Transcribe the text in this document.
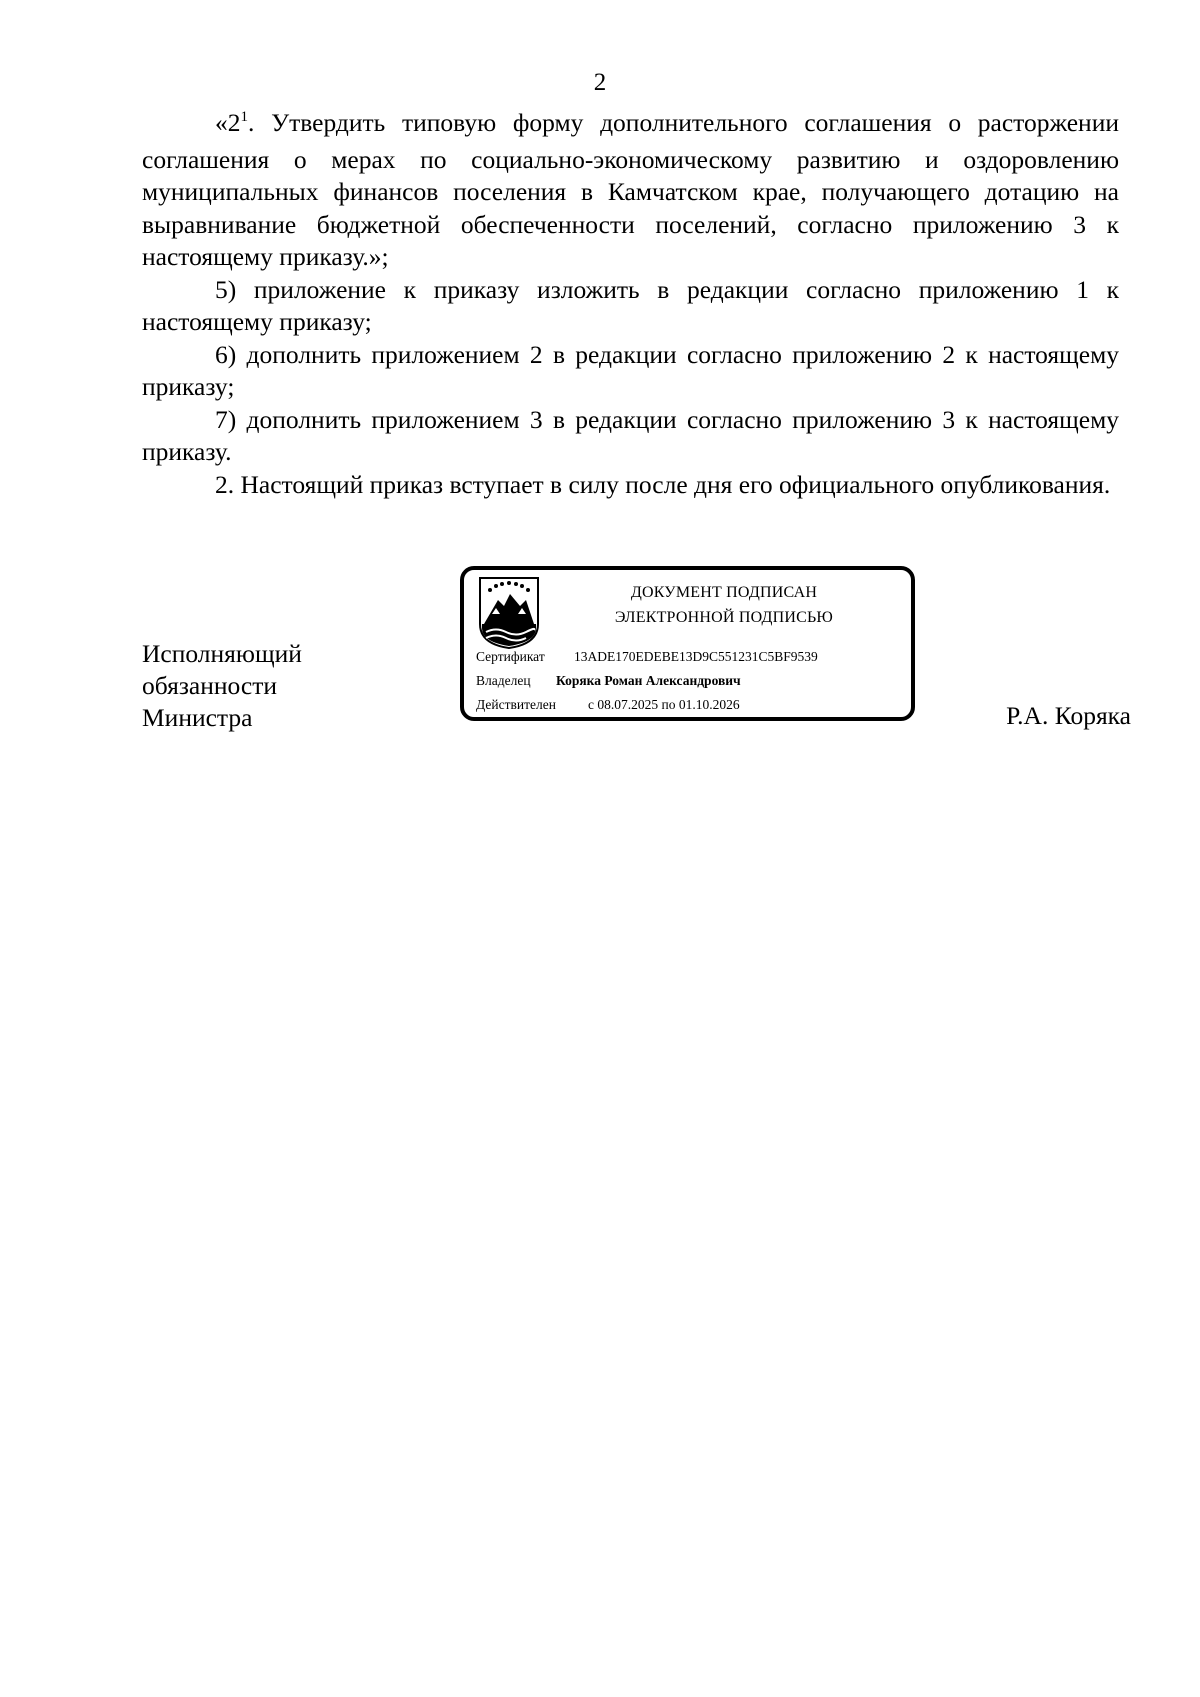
2

«$2^1$. Утвердить типовую форму дополнительного соглашения о расторжении соглашения о мерах по социально-экономическому развитию и оздоровлению муниципальных финансов поселения в Камчатском крае, получающего дотацию на выравнивание бюджетной обеспеченности поселений, согласно приложению 3 к настоящему приказу.»;

5) приложение к приказу изложить в редакции согласно приложению 1 к настоящему приказу;

6) дополнить приложением 2 в редакции согласно приложению 2 к настоящему приказу;

7) дополнить приложением 3 в редакции согласно приложению 3 к настоящему приказу.

2. Настоящий приказ вступает в силу после дня его официального опубликования.

Исполняющий
обязанности
Министра
ДОКУМЕНТ ПОДПИСАН
ЭЛЕКТРОННОЙ ПОДПИСЬЮ
Сертификат 13ADE170EDEBE13D9C551231C5BF9539
Владелец Коряка Роман Александрович
Действителен с 08.07.2025 по 01.10.2026	Р.А. Коряка
